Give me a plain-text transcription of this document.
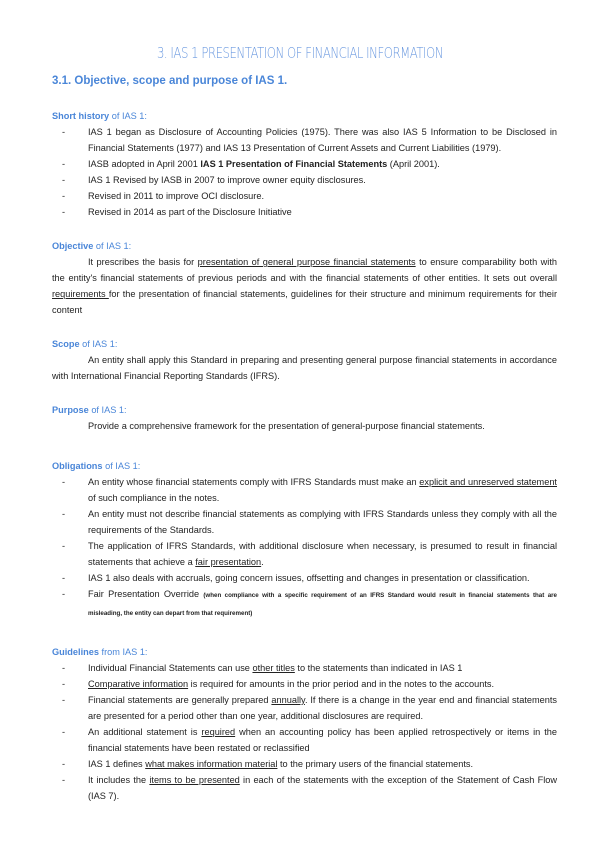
3. IAS 1 PRESENTATION OF FINANCIAL INFORMATION
3.1. Objective, scope and purpose of IAS 1.
Short history of IAS 1:
- IAS 1 began as Disclosure of Accounting Policies (1975). There was also IAS 5 Information to be Disclosed in Financial Statements (1977) and IAS 13 Presentation of Current Assets and Current Liabilities (1979).
- IASB adopted in April 2001 IAS 1 Presentation of Financial Statements (April 2001).
- IAS 1 Revised by IASB in 2007 to improve owner equity disclosures.
- Revised in 2011 to improve OCI disclosure.
- Revised in 2014 as part of the Disclosure Initiative
Objective of IAS 1:

It prescribes the basis for presentation of general purpose financial statements to ensure comparability both with the entity's financial statements of previous periods and with the financial statements of other entities. It sets out overall requirements for the presentation of financial statements, guidelines for their structure and minimum requirements for their content

Scope of IAS 1:

An entity shall apply this Standard in preparing and presenting general purpose financial statements in accordance with International Financial Reporting Standards (IFRS).

Purpose of IAS 1:

Provide a comprehensive framework for the presentation of general-purpose financial statements.

Obligations of IAS 1:
- An entity whose financial statements comply with IFRS Standards must make an explicit and unreserved statement of such compliance in the notes.
- An entity must not describe financial statements as complying with IFRS Standards unless they comply with all the requirements of the Standards.
- The application of IFRS Standards, with additional disclosure when necessary, is presumed to result in financial statements that achieve a fair presentation.
- IAS 1 also deals with accruals, going concern issues, offsetting and changes in presentation or classification.
- Fair Presentation Override (when compliance with a specific requirement of an IFRS Standard would result in financial statements that are misleading, the entity can depart from that requirement)
Guidelines from IAS 1:
- Individual Financial Statements can use other titles to the statements than indicated in IAS 1
- Comparative information is required for amounts in the prior period and in the notes to the accounts.
- Financial statements are generally prepared annually. If there is a change in the year end and financial statements are presented for a period other than one year, additional disclosures are required.
- An additional statement is required when an accounting policy has been applied retrospectively or items in the financial statements have been restated or reclassified
- IAS 1 defines what makes information material to the primary users of the financial statements.
- It includes the items to be presented in each of the statements with the exception of the Statement of Cash Flow (IAS 7).
